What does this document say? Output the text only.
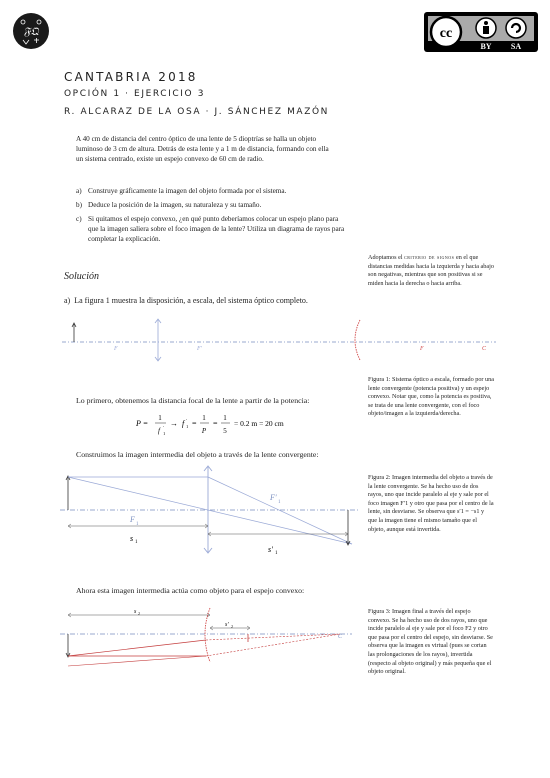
𝔉𝔔	cc
BY SA
CANTABRIA 2018
OPCIÓN 1 · EJERCICIO 3
R. ALCARAZ DE LA OSA · J. SÁNCHEZ MAZÓN
A 40 cm de distancia del centro óptico de una lente de 5 dioptrías se halla un objeto luminoso de 3 cm de altura. Detrás de esta lente y a 1 m de distancia, formando con ella un sistema centrado, existe un espejo convexo de 60 cm de radio.
a) Construye gráficamente la imagen del objeto formada por el sistema.
b) Deduce la posición de la imagen, su naturaleza y su tamaño.
c) Si quitamos el espejo convexo, ¿en qué punto deberíamos colocar un espejo plano para que la imagen saliera sobre el foco imagen de la lente? Utiliza un diagrama de rayos para completar la explicación.
Adoptamos el criterio de signos en el que distancias medidas hacia la izquierda y hacia abajo son negativas, mientras que son positivas si se miden hacia la derecha o hacia arriba.
Solución
a) La figura 1 muestra la disposición, a escala, del sistema óptico completo.
F	F′	F	C
Figura 1: Sistema óptico a escala, formado por una lente convergente (potencia positiva) y un espejo convexo. Notar que, como la potencia es positiva, se trata de una lente convergente, con el foco objeto/imagen a la izquierda/derecha.
Lo primero, obtenemos la distancia focal de la lente a partir de la potencia:
P =
1
f 1
′ → f 1
′ =
1
P
=
1
5
= 0.2 m = 20 cm
Construimos la imagen intermedia del objeto a través de la lente convergente:
F′
1
F
1
s 1
s′ 1
Figura 2: Imagen intermedia del objeto a través de la lente convergente. Se ha hecho uso de dos rayos, uno que incide paralelo al eje y sale por el foco imagen F′1 y otro que pasa por el centro de la lente, sin desviarse. Se observa que s′1 = −s1 y que la imagen tiene el mismo tamaño que el objeto, aunque está invertida.
Ahora esta imagen intermedia actúa como objeto para el espejo convexo:
s 2
s′ 2
C
Figura 3: Imagen final a través del espejo convexo. Se ha hecho uso de dos rayos, uno que incide paralelo al eje y sale por el foco F2 y otro que pasa por el centro del espejo, sin desviarse. Se observa que la imagen es virtual (pues se cortan las prolongaciones de los rayos), invertida (respecto al objeto original) y más pequeña que el objeto original.
